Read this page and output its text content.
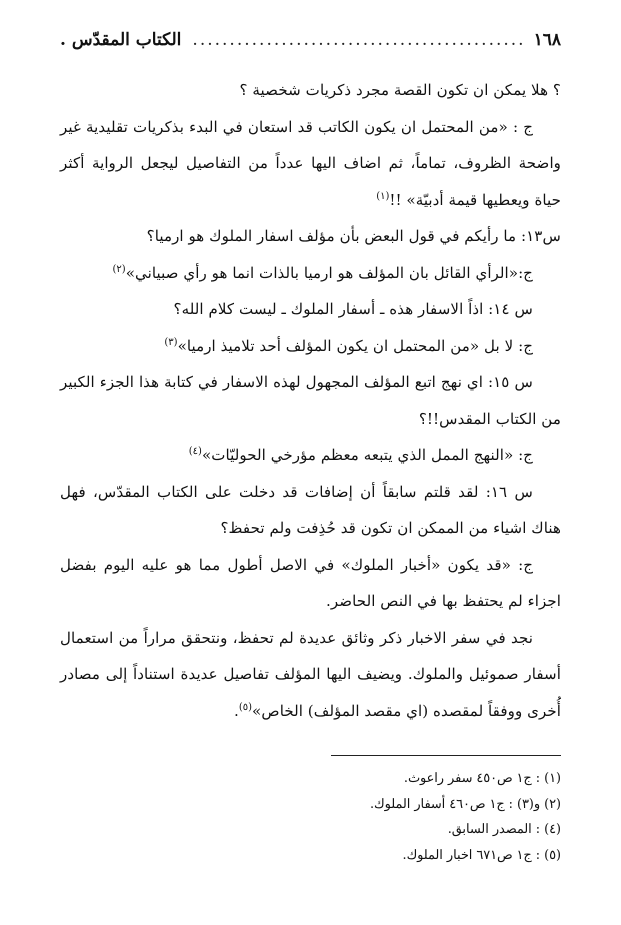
١٦٨
.....
الكتاب المقدّس .

؟ هلا يمكن ان تكون القصة مجرد ذكريات شخصية ؟

ج : «من المحتمل ان يكون الكاتب قد استعان في البدء بذكريات تقليدية غير واضحة الظروف، تماماً، ثم اضاف اليها عدداً من التفاصيل ليجعل الرواية أكثر حياة ويعطيها قيمة أدبيّة» !!$^{(١)}$

س١٣: ما رأيكم في قول البعض بأن مؤلف اسفار الملوك هو ارميا؟

ج:«الرأي القائل بان المؤلف هو ارميا بالذات انما هو رأي صبياني»$^{(٢)}$

س ١٤: اذاً الاسفار هذه ـ أسفار الملوك ـ ليست كلام الله؟

ج: لا بل «من المحتمل ان يكون المؤلف أحد تلاميذ ارميا»$^{(٣)}$

س ١٥: اي نهج اتبع المؤلف المجهول لهذه الاسفار في كتابة هذا الجزء الكبير من الكتاب المقدس!!؟

ج: «النهج الممل الذي يتبعه معظم مؤرخي الحوليّات»$^{(٤)}$

س ١٦: لقد قلتم سابقاً أن إضافات قد دخلت على الكتاب المقدّس، فهل هناك اشياء من الممكن ان تكون قد حُذِفت ولم تحفظ؟

ج: «قد يكون «أخبار الملوك» في الاصل أطول مما هو عليه اليوم بفضل اجزاء لم يحتفظ بها في النص الحاضر.

نجد في سفر الاخبار ذكر وثائق عديدة لم تحفظ، ونتحقق مراراً من استعمال أسفار صموئيل والملوك. ويضيف اليها المؤلف تفاصيل عديدة استناداً إلى مصادر أُخرى ووفقاً لمقصده (اي مقصد المؤلف) الخاص»$^{(٥)}$.

(١) : ج١ ص٤٥٠ سفر راعوث.
(٢) و(٣) : ج١ ص٤٦٠ أسفار الملوك.
(٤) : المصدر السابق.
(٥) : ج١ ص٦٧١ اخبار الملوك.
